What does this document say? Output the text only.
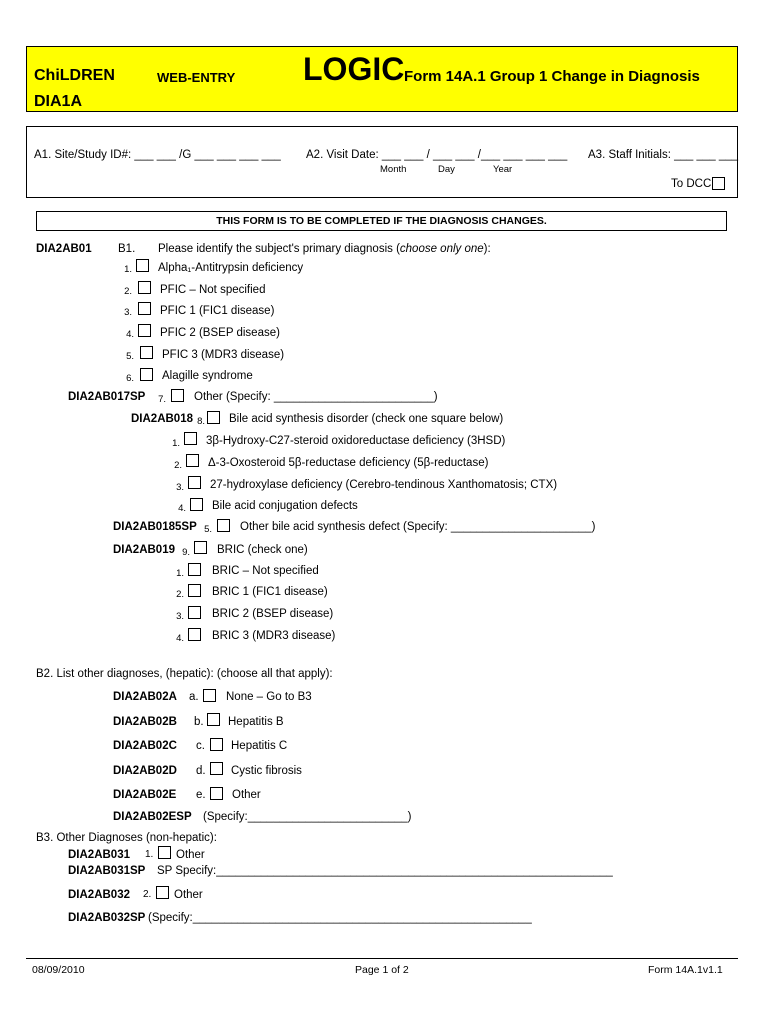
ChiLDREN
DIA1A
WEB-ENTRY LOGIC Form 14A.1 Group 1 Change in Diagnosis
A1. Site/Study ID#: ___ ___ /G ___ ___ ___ ___ A2. Visit Date: ___ ___ / ___ ___ /___ ___ ___ ___
Month	Day	Year
A3. Staff Initials: ___ ___ ___
To DCC
THIS FORM IS TO BE COMPLETED IF THE DIAGNOSIS CHANGES.
DIA2AB01 B1. Please identify the subject's primary diagnosis (choose only one):
1. Alpha₁-Antitrypsin deficiency
2. PFIC – Not specified
3. PFIC 1 (FIC1 disease)
4. PFIC 2 (BSEP disease)
5. PFIC 3 (MDR3 disease)
6. Alagille syndrome
DIA2AB017SP	7. Other (Specify: _________________________)
DIA2AB018 8. Bile acid synthesis disorder (check one square below)
1. 3β-Hydroxy-C27-steroid oxidoreductase deficiency (3HSD)
2. Δ-3-Oxosteroid 5β-reductase deficiency (5β-reductase)
3. 27-hydroxylase deficiency (Cerebro-tendinous Xanthomatosis; CTX)
4. Bile acid conjugation defects
DIA2AB0185SP 5. Other bile acid synthesis defect (Specify: ______________________)
DIA2AB019 9. BRIC (check one)
1. BRIC – Not specified
2. BRIC 1 (FIC1 disease)
3. BRIC 2 (BSEP disease)
4. BRIC 3 (MDR3 disease)
B2. List other diagnoses, (hepatic): (choose all that apply):
DIA2AB02A a. None – Go to B3
DIA2AB02B b. Hepatitis B
DIA2AB02C c. Hepatitis C
DIA2AB02D d. Cystic fibrosis
DIA2AB02E e. Other
DIA2AB02ESP (Specify:_________________________)
B3. Other Diagnoses (non-hepatic):
DIA2AB031 1. Other
DIA2AB031SP SP Specify:______________________________________________________________
DIA2AB032 2. Other
DIA2AB032SP (Specify:_____________________________________________________
08/09/2010	Page 1 of 2	Form 14A.1v1.1
